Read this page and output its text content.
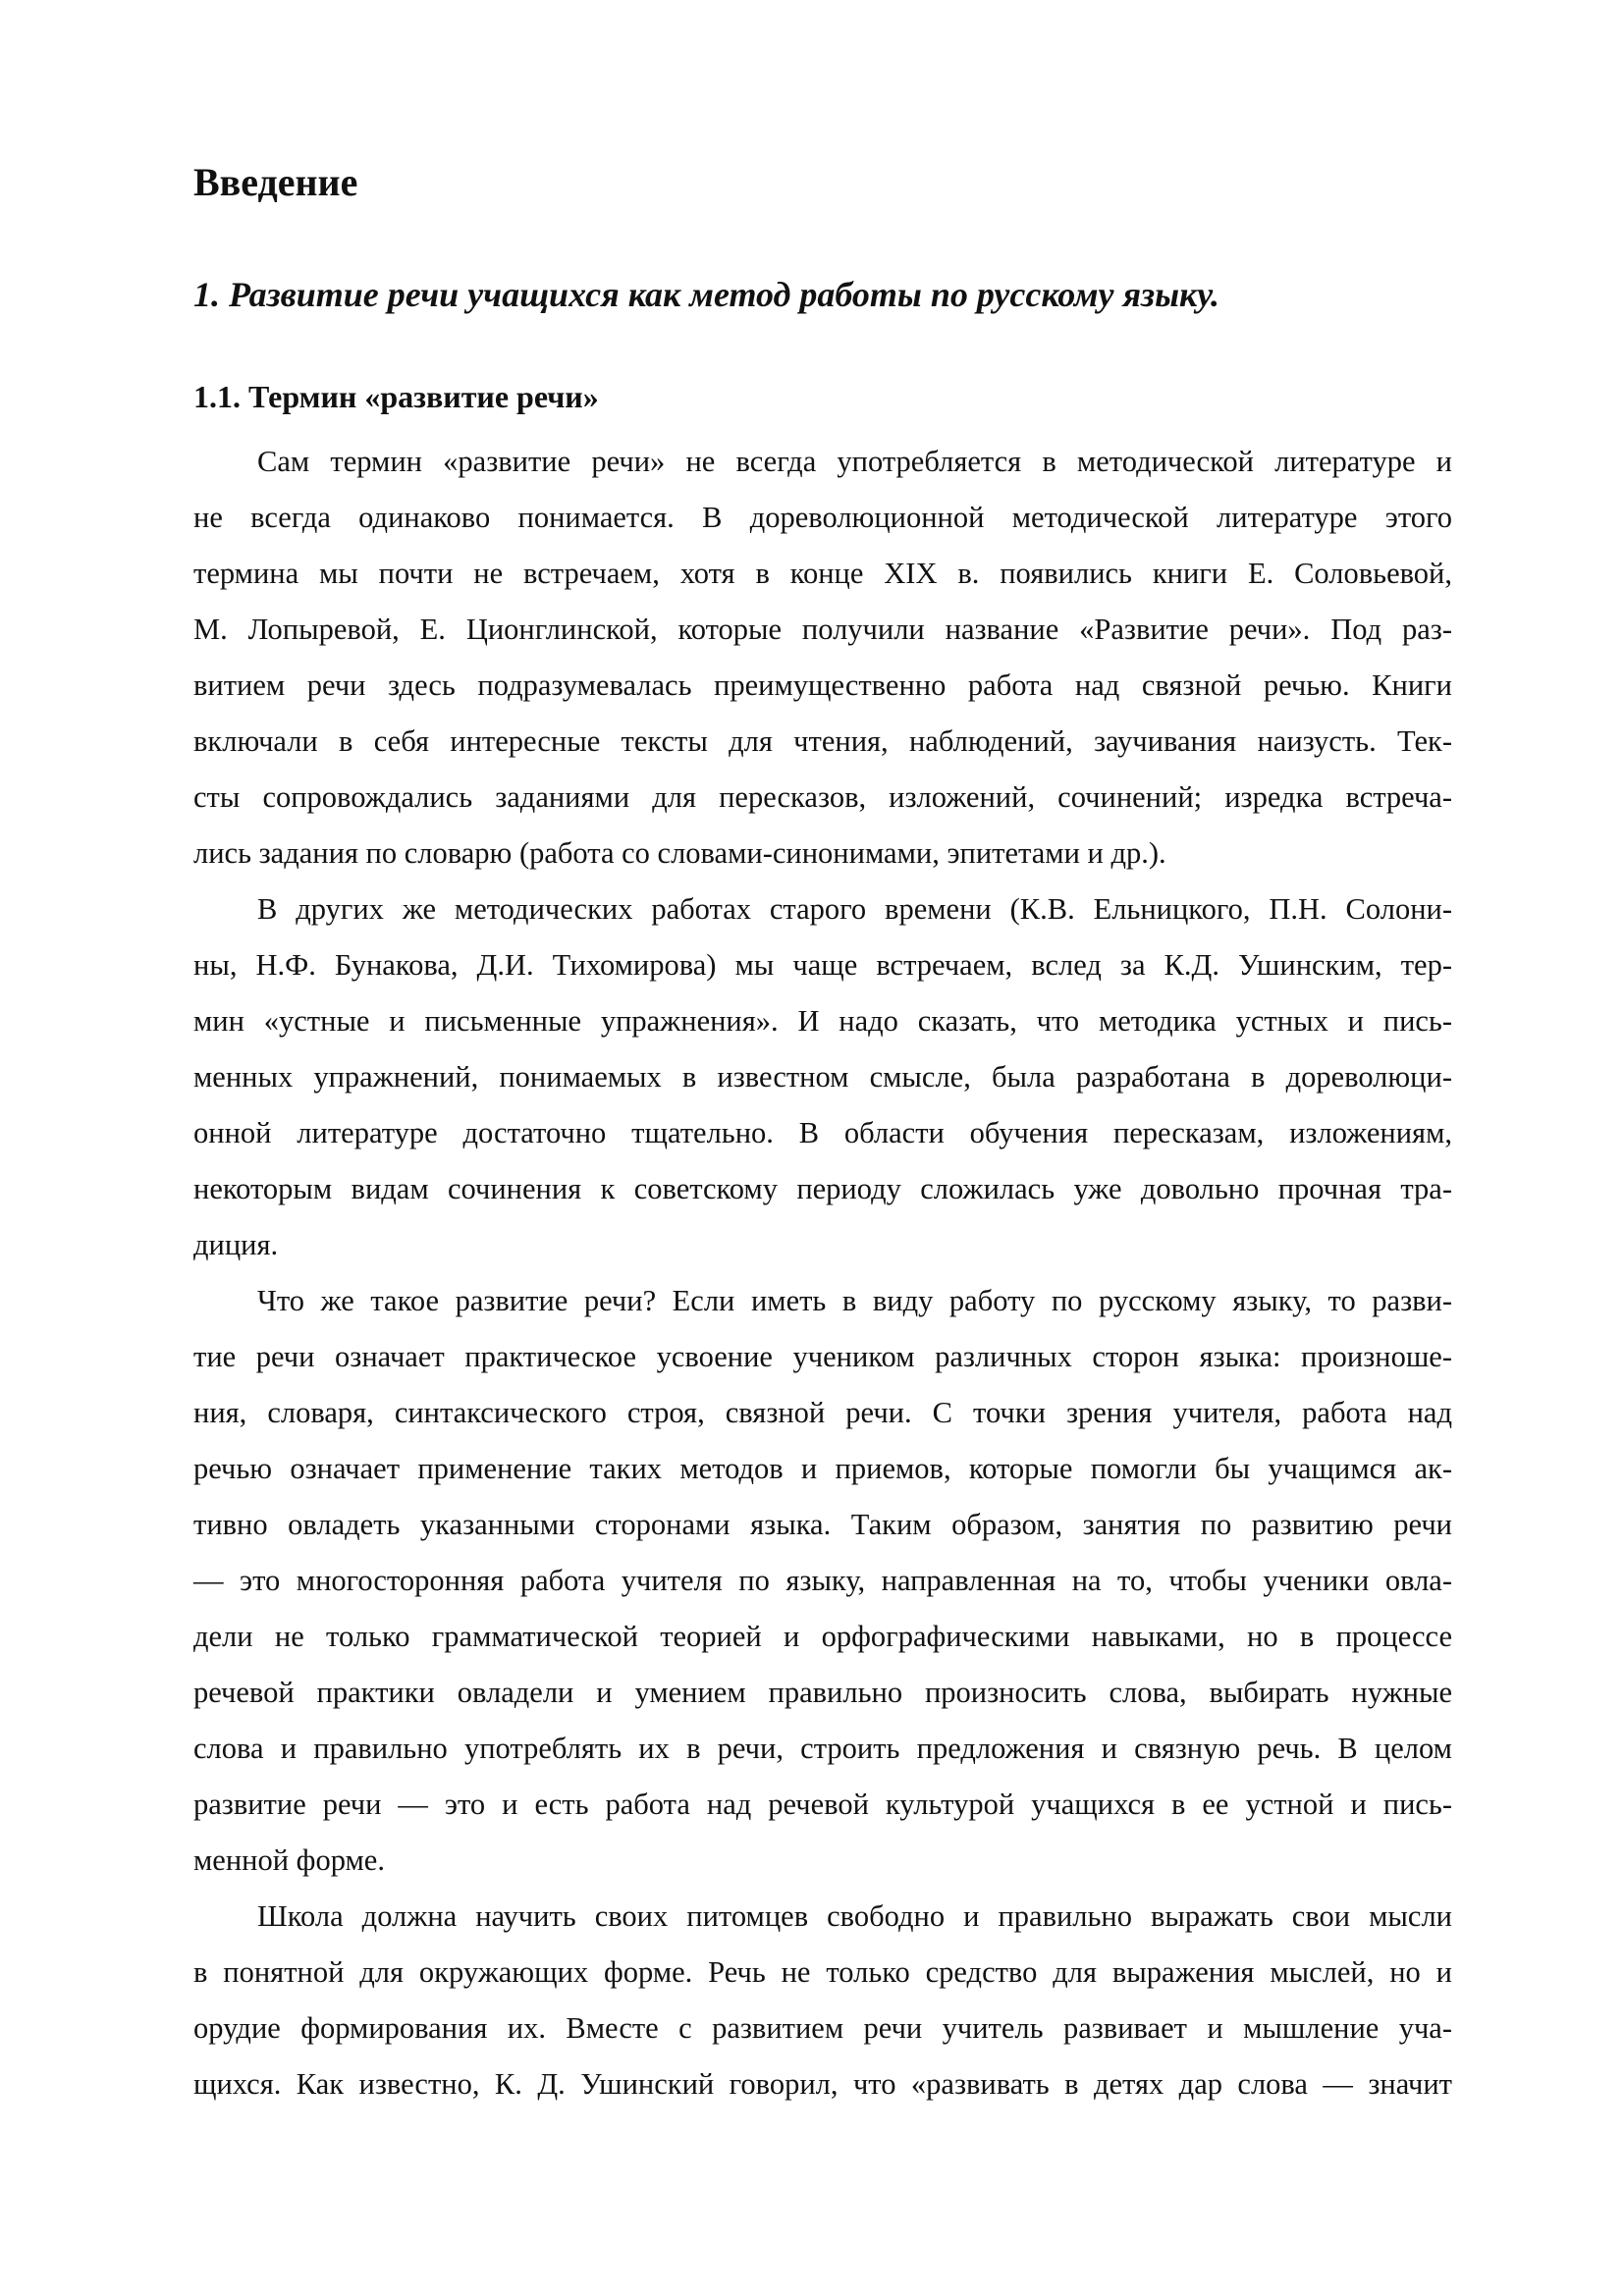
Введение
1. Развитие речи учащихся как метод работы по русскому языку.
1.1. Термин «развитие речи»
Сам термин «развитие речи» не всегда употребляется в методической литературе и
не всегда одинаково понимается. В дореволюционной методической литературе этого
термина мы почти не встречаем, хотя в конце XIX в. появились книги Е. Соловьевой,
М. Лопыревой, Е. Ционглинской, которые получили название «Развитие речи». Под раз-
витием речи здесь подразумевалась преимущественно работа над связной речью. Книги
включали в себя интересные тексты для чтения, наблюдений, заучивания наизусть. Тек-
сты сопровождались заданиями для пересказов, изложений, сочинений; изредка встреча-
лись задания по словарю (работа со словами-синонимами, эпитетами и др.).
В других же методических работах старого времени (К.В. Ельницкого, П.Н. Солони-
ны, Н.Ф. Бунакова, Д.И. Тихомирова) мы чаще встречаем, вслед за К.Д. Ушинским, тер-
мин «устные и письменные упражнения». И надо сказать, что методика устных и пись-
менных упражнений, понимаемых в известном смысле, была разработана в дореволюци-
онной литературе достаточно тщательно. В области обучения пересказам, изложениям,
некоторым видам сочинения к советскому периоду сложилась уже довольно прочная тра-
диция.
Что же такое развитие речи? Если иметь в виду работу по русскому языку, то разви-
тие речи означает практическое усвоение учеником различных сторон языка: произноше-
ния, словаря, синтаксического строя, связной речи. С точки зрения учителя, работа над
речью означает применение таких методов и приемов, которые помогли бы учащимся ак-
тивно овладеть указанными сторонами языка. Таким образом, занятия по развитию речи
— это многосторонняя работа учителя по языку, направленная на то, чтобы ученики овла-
дели не только грамматической теорией и орфографическими навыками, но в процессе
речевой практики овладели и умением правильно произносить слова, выбирать нужные
слова и правильно употреблять их в речи, строить предложения и связную речь. В целом
развитие речи — это и есть работа над речевой культурой учащихся в ее устной и пись-
менной форме.
Школа должна научить своих питомцев свободно и правильно выражать свои мысли
в понятной для окружающих форме. Речь не только средство для выражения мыслей, но и
орудие формирования их. Вместе с развитием речи учитель развивает и мышление уча-
щихся. Как известно, К. Д. Ушинский говорил, что «развивать в детях дар слова — значит
